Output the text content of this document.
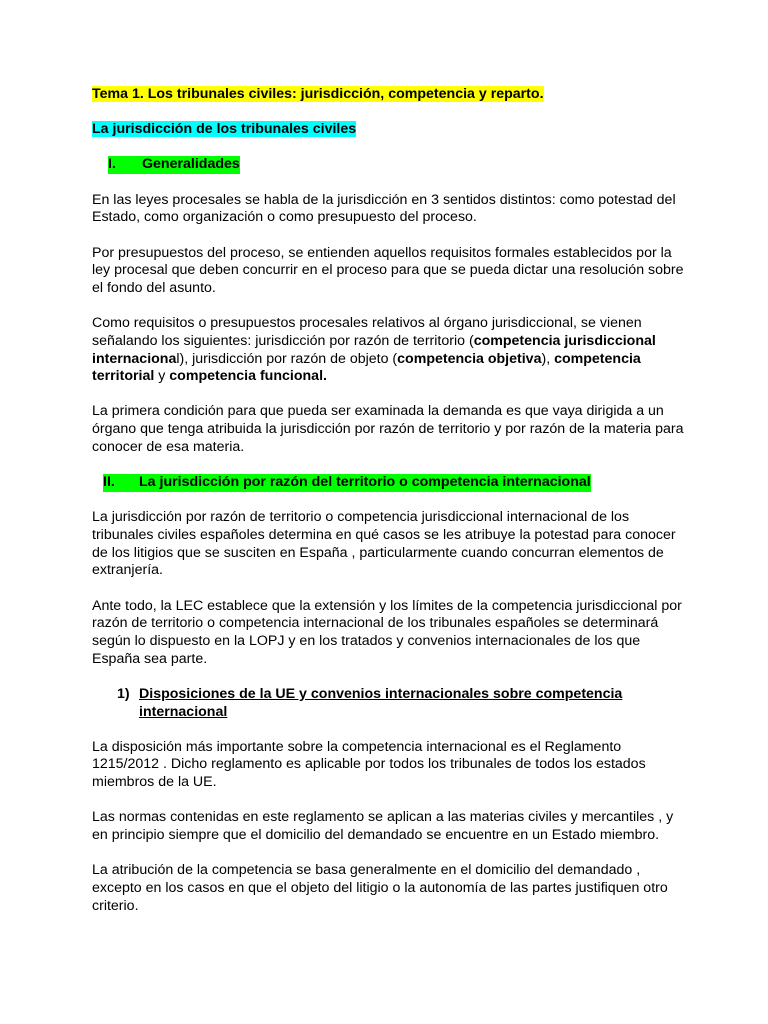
Tema 1. Los tribunales civiles: jurisdicción, competencia y reparto.

La jurisdicción de los tribunales civiles

I. Generalidades

En las leyes procesales se habla de la jurisdicción en 3 sentidos distintos: como potestad del Estado, como organización o como presupuesto del proceso.

Por presupuestos del proceso, se entienden aquellos requisitos formales establecidos por la ley procesal que deben concurrir en el proceso para que se pueda dictar una resolución sobre el fondo del asunto.

Como requisitos o presupuestos procesales relativos al órgano jurisdiccional, se vienen señalando los siguientes: jurisdicción por razón de territorio (competencia jurisdiccional internacional), jurisdicción por razón de objeto (competencia objetiva), competencia territorial y competencia funcional.

La primera condición para que pueda ser examinada la demanda es que vaya dirigida a un órgano que tenga atribuida la jurisdicción por razón de territorio y por razón de la materia para conocer de esa materia.

II. La jurisdicción por razón del territorio o competencia internacional

La jurisdicción por razón de territorio o competencia jurisdiccional internacional de los tribunales civiles españoles determina en qué casos se les atribuye la potestad para conocer de los litigios que se susciten en España , particularmente cuando concurran elementos de extranjería.

Ante todo, la LEC establece que la extensión y los límites de la competencia jurisdiccional por razón de territorio o competencia internacional de los tribunales españoles se determinará según lo dispuesto en la LOPJ y en los tratados y convenios internacionales de los que España sea parte.

1) Disposiciones de la UE y convenios internacionales sobre competencia internacional

La disposición más importante sobre la competencia internacional es el Reglamento 1215/2012 . Dicho reglamento es aplicable por todos los tribunales de todos los estados miembros de la UE.

Las normas contenidas en este reglamento se aplican a las materias civiles y mercantiles , y en principio siempre que el domicilio del demandado se encuentre en un Estado miembro.

La atribución de la competencia se basa generalmente en el domicilio del demandado , excepto en los casos en que el objeto del litigio o la autonomía de las partes justifiquen otro criterio.
